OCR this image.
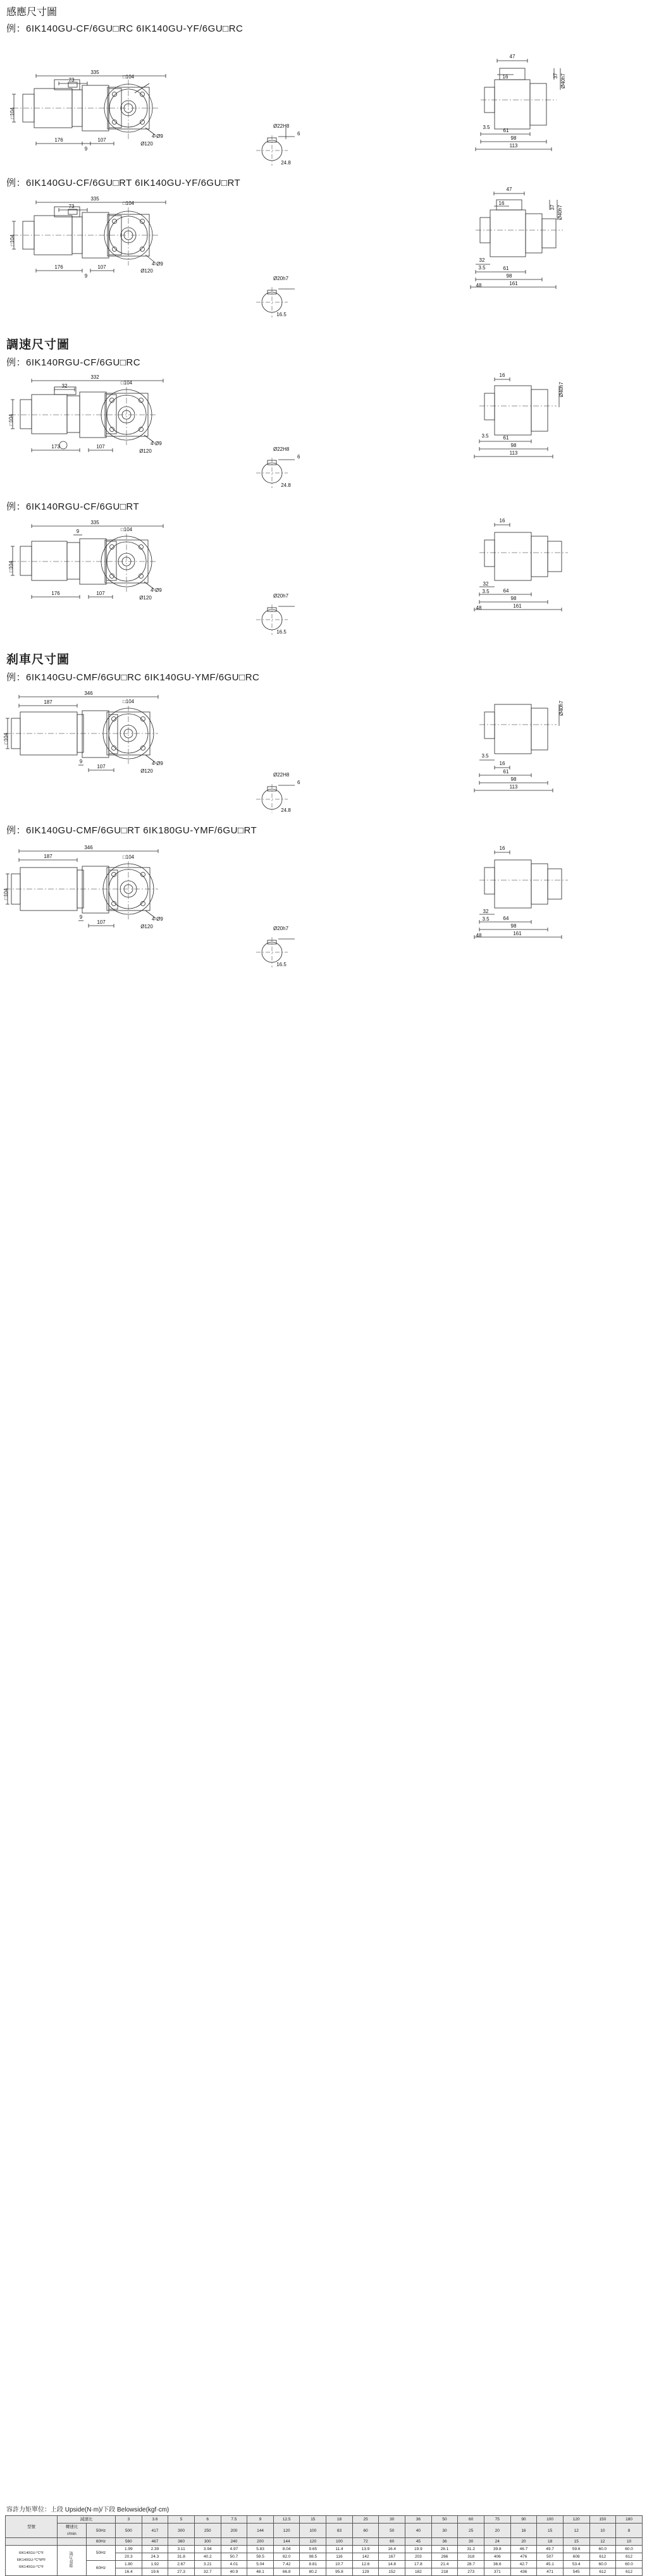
感應尺寸圖
例：6IK140GU-CF/6GU□RC 6IK140GU-YF/6GU□RC
335
73
□104
176
9
107
Ø120
4-Ø9
47
16	37 Ø40h7
3.5
61
98
113
Ø22H8
6
24.8
□104
例：6IK140GU-CF/6GU□RT 6IK140GU-YF/6GU□RT
335
73
□104
176
9
107
Ø120
4-Ø9
47
16
37 Ø40h7
32
3.5
48
61
98
161
Ø20h7
16.5
□104
調速尺寸圖
例：6IK140RGU-CF/6GU□RC
332
32
□104
173	107
Ø120
4-Ø9
16
Ø40h7
3.5	61
98
113
Ø22H8
6
24.8
□104
例：6IK140RGU-CF/6GU□RT
335
9	□104
176	107
Ø120
4-Ø9
16
32
3.5
48
64
98
161
Ø20h7
16.5
□104
刹車尺寸圖
例：6IK140GU-CMF/6GU□RC 6IK140GU-YMF/6GU□RC
346
187	□104
9
107
Ø120
4-Ø9
Ø40h7
3.5
16
61
98
113
Ø22H8
6
24.8
□104
例：6IK140GU-CMF/6GU□RT 6IK180GU-YMF/6GU□RT
346
187	□104
9
107
Ø120
4-Ø9
16
32
3.5
48
64
98
161
Ø20h7
16.5
□104
容許力矩單位：上段 Upside(N·m)/下段 Belowside(kgf·cm)
型號	減速比		3	3.6	5	6	7.5	9	12.5	15	18	25	30	36	50	60	75	90	100	120	150	180
	轉速比
r/min	50Hz	500	417	300	250	200	144	120	100	83	60	50	40	30	25	20	16	15	12	10	8
		60Hz	560	467	360	300	240	200	144	120	100	72	60	45	36	30	24	20	18	15	12	10
6IK140GU-*C*F
6IK140GU-*C*M*F
6IK140GU-*C*F	容許力矩	50Hz	1.99	2.39	3.11	3.94	4.97	5.83	8.04	9.65	11.4	13.9	16.4	19.9	26.1	31.2	39.8	46.7	49.7	59.6	60.0	60.0
			20.3	24.3	31.8	40.2	50.7	59.5	82.0	98.5	116	142	167	203	266	318	406	476	507	608	612	612
		60Hz	1.80	1.92	2.67	3.21	4.01	5.04	7.42	8.81	10.7	12.6	14.8	17.8	21.4	28.7	36.6	42.7	45.1	53.4	60.0	60.0
			16.4	19.6	27.3	32.7	40.9	48.1	66.8	80.2	95.8	129	152	182	218	273	371	436	471	545	612	612
